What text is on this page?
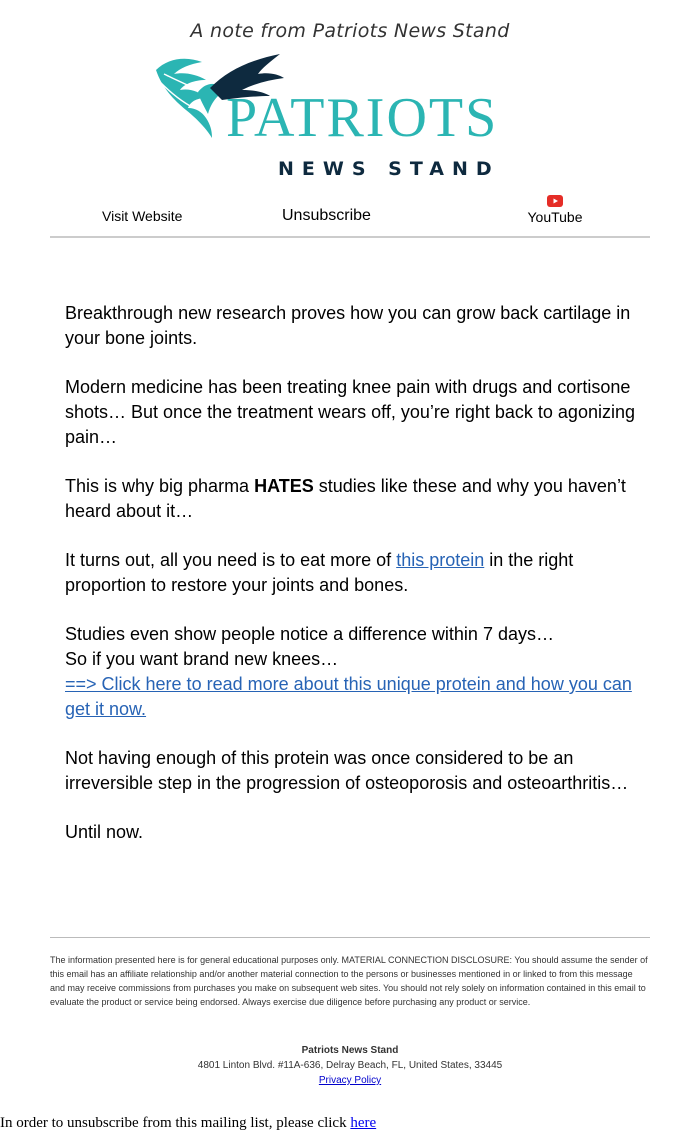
A note from Patriots News Stand
PATRIOTS
NEWS STAND
Visit Website	Unsubscribe	YouTube

Breakthrough new research proves how you can grow back cartilage in your bone joints.

Modern medicine has been treating knee pain with drugs and cortisone shots… But once the treatment wears off, you’re right back to agonizing pain…

This is why big pharma HATES studies like these and why you haven’t heard about it…

It turns out, all you need is to eat more of this protein in the right proportion to restore your joints and bones.

Studies even show people notice a difference within 7 days…
So if you want brand new knees…
==> Click here to read more about this unique protein and how you can get it now.

Not having enough of this protein was once considered to be an irreversible step in the progression of osteoporosis and osteoarthritis…

Until now.

The information presented here is for general educational purposes only. MATERIAL CONNECTION DISCLOSURE: You should assume the sender of this email has an affiliate relationship and/or another material connection to the persons or businesses mentioned in or linked to from this message and may receive commissions from purchases you make on subsequent web sites. You should not rely solely on information contained in this email to evaluate the product or service being endorsed. Always exercise due diligence before purchasing any product or service.
Patriots News Stand
4801 Linton Blvd. #11A-636, Delray Beach, FL, United States, 33445
Privacy Policy
In order to unsubscribe from this mailing list, please click here
